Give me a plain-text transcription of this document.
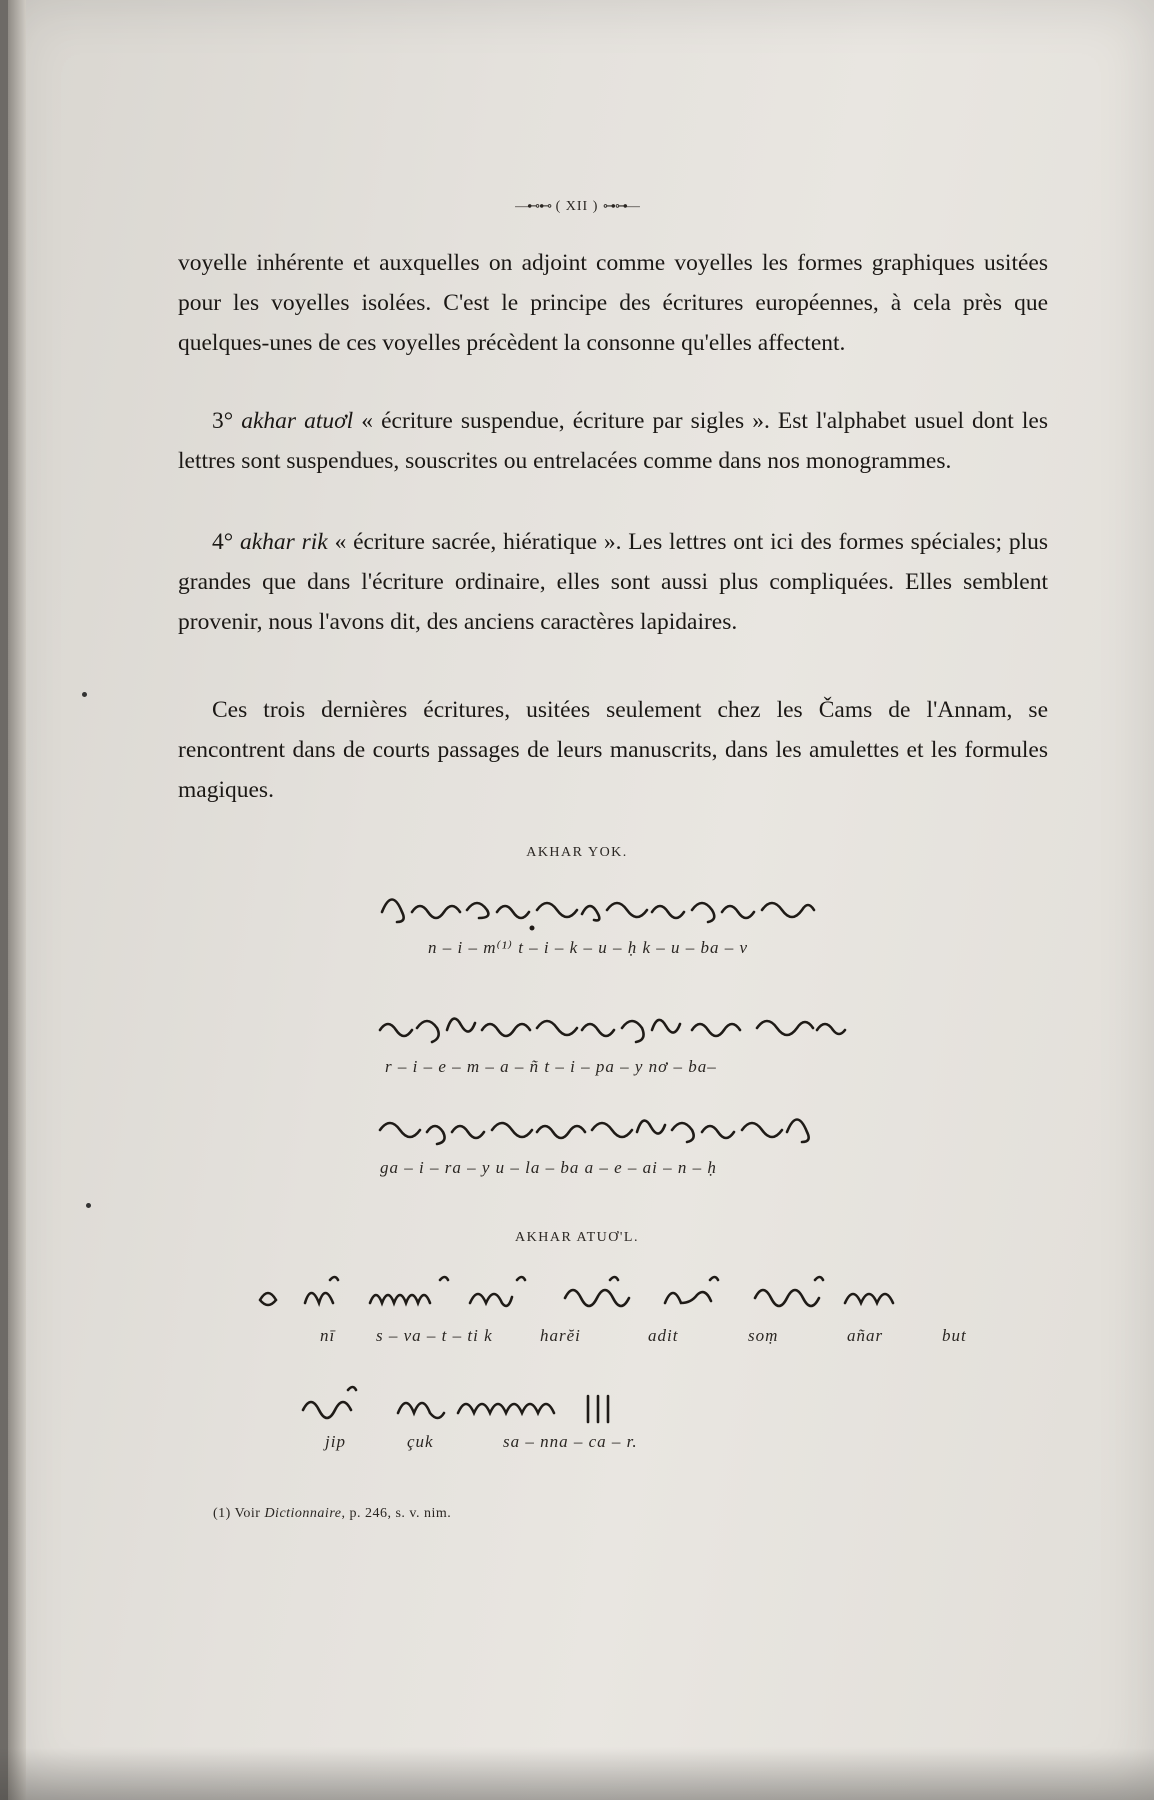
—⊷⊷ ( XII ) ⊶⊶—

voyelle inhérente et auxquelles on adjoint comme voyelles les formes graphiques usitées pour les voyelles isolées. C'est le principe des écritures européennes, à cela près que quelques-unes de ces voyelles précèdent la consonne qu'elles affectent.

3° akhar atuơl « écriture suspendue, écriture par sigles ». Est l'alphabet usuel dont les lettres sont suspendues, souscrites ou entrelacées comme dans nos monogrammes.

4° akhar rik « écriture sacrée, hiératique ». Les lettres ont ici des formes spéciales; plus grandes que dans l'écriture ordinaire, elles sont aussi plus compliquées. Elles semblent provenir, nous l'avons dit, des anciens caractères lapidaires.

Ces trois dernières écritures, usitées seulement chez les Čams de l'Annam, se rencontrent dans de courts passages de leurs manuscrits, dans les amulettes et les formules magiques.

AKHAR YOK.
n – i – m⁽¹⁾ t – i – k – u – ḥ k – u – ba – v
r – i – e – m – a – ñ t – i – pa – y nơ – ba–
ga – i – ra – y u – la – ba a – e – ai – n – ḥ
AKHAR ATUƠ'L.
nī s – va – t – ti k	harĕi	adit	soṃ	añar	but
jip	çuk	sa – nna – ca – r.
(1) Voir Dictionnaire, p. 246, s. v. nim.
